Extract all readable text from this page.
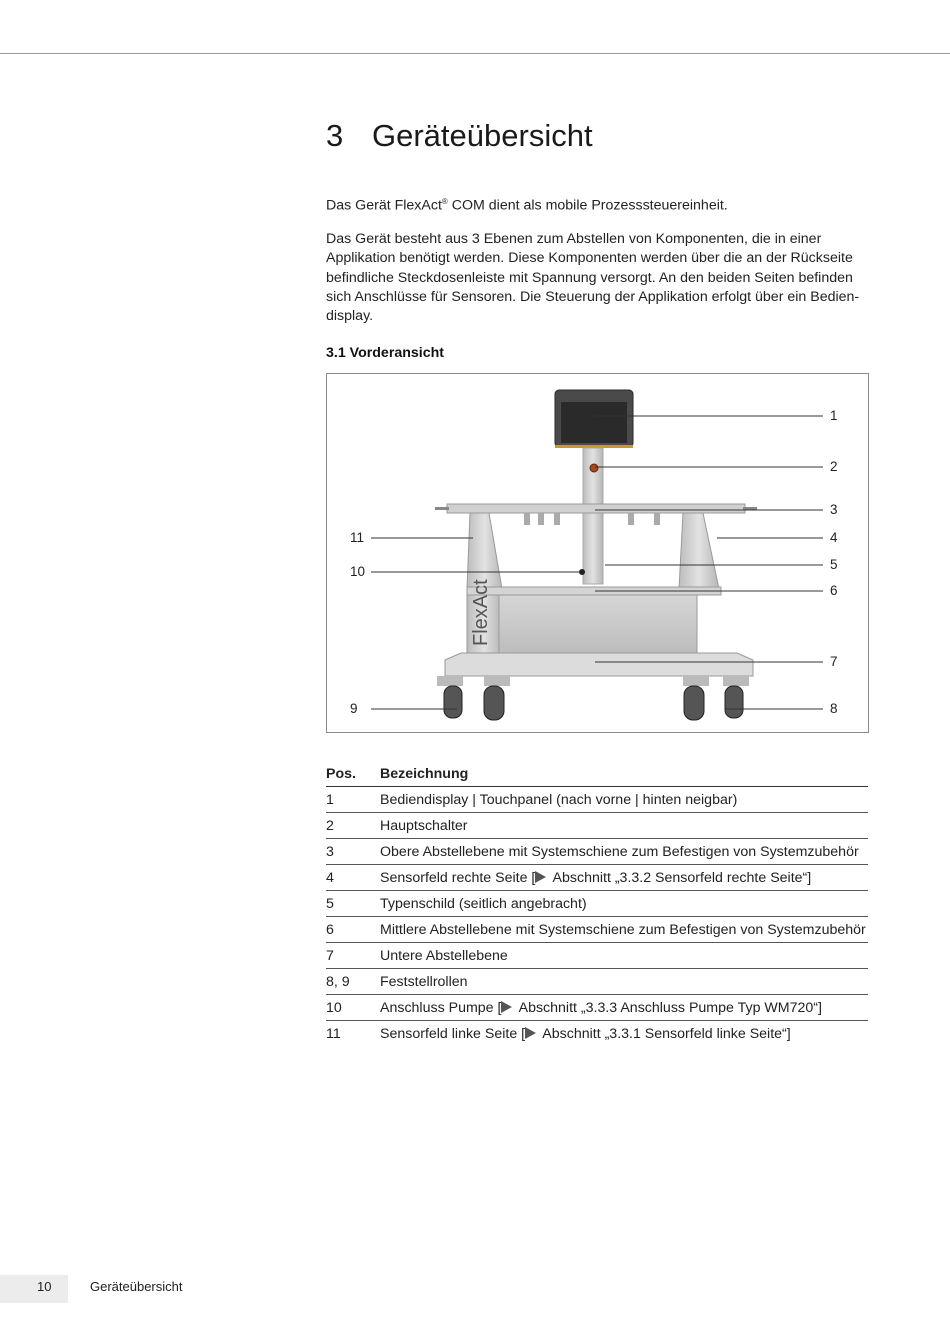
3 Geräteübersicht

Das Gerät FlexAct® COM dient als mobile Prozesssteuereinheit.

Das Gerät besteht aus 3 Ebenen zum Abstellen von Komponenten, die in einer Applikation benötigt werden. Diese Komponenten werden über die an der Rückseite befindliche Steckdosenleiste mit Spannung versorgt. An den beiden Seiten befinden sich Anschlüsse für Sensoren. Die Steuerung der Applikation erfolgt über ein Bedien-display.

3.1 Vorderansicht
FlexAct
1
2
3
4
5
6
7
8
9
10
11
Pos.	Bezeichnung
1	Bediendisplay | Touchpanel (nach vorne | hinten neigbar)
2	Hauptschalter
3	Obere Abstellebene mit Systemschiene zum Befestigen von Systemzubehör
4	Sensorfeld rechte Seite [ Abschnitt „3.3.2 Sensorfeld rechte Seite“]
5	Typenschild (seitlich angebracht)
6	Mittlere Abstellebene mit Systemschiene zum Befestigen von Systemzubehör
7	Untere Abstellebene
8, 9	Feststellrollen
10	Anschluss Pumpe [ Abschnitt „3.3.3 Anschluss Pumpe Typ WM720“]
11	Sensorfeld linke Seite [ Abschnitt „3.3.1 Sensorfeld linke Seite“]
10	Geräteübersicht
